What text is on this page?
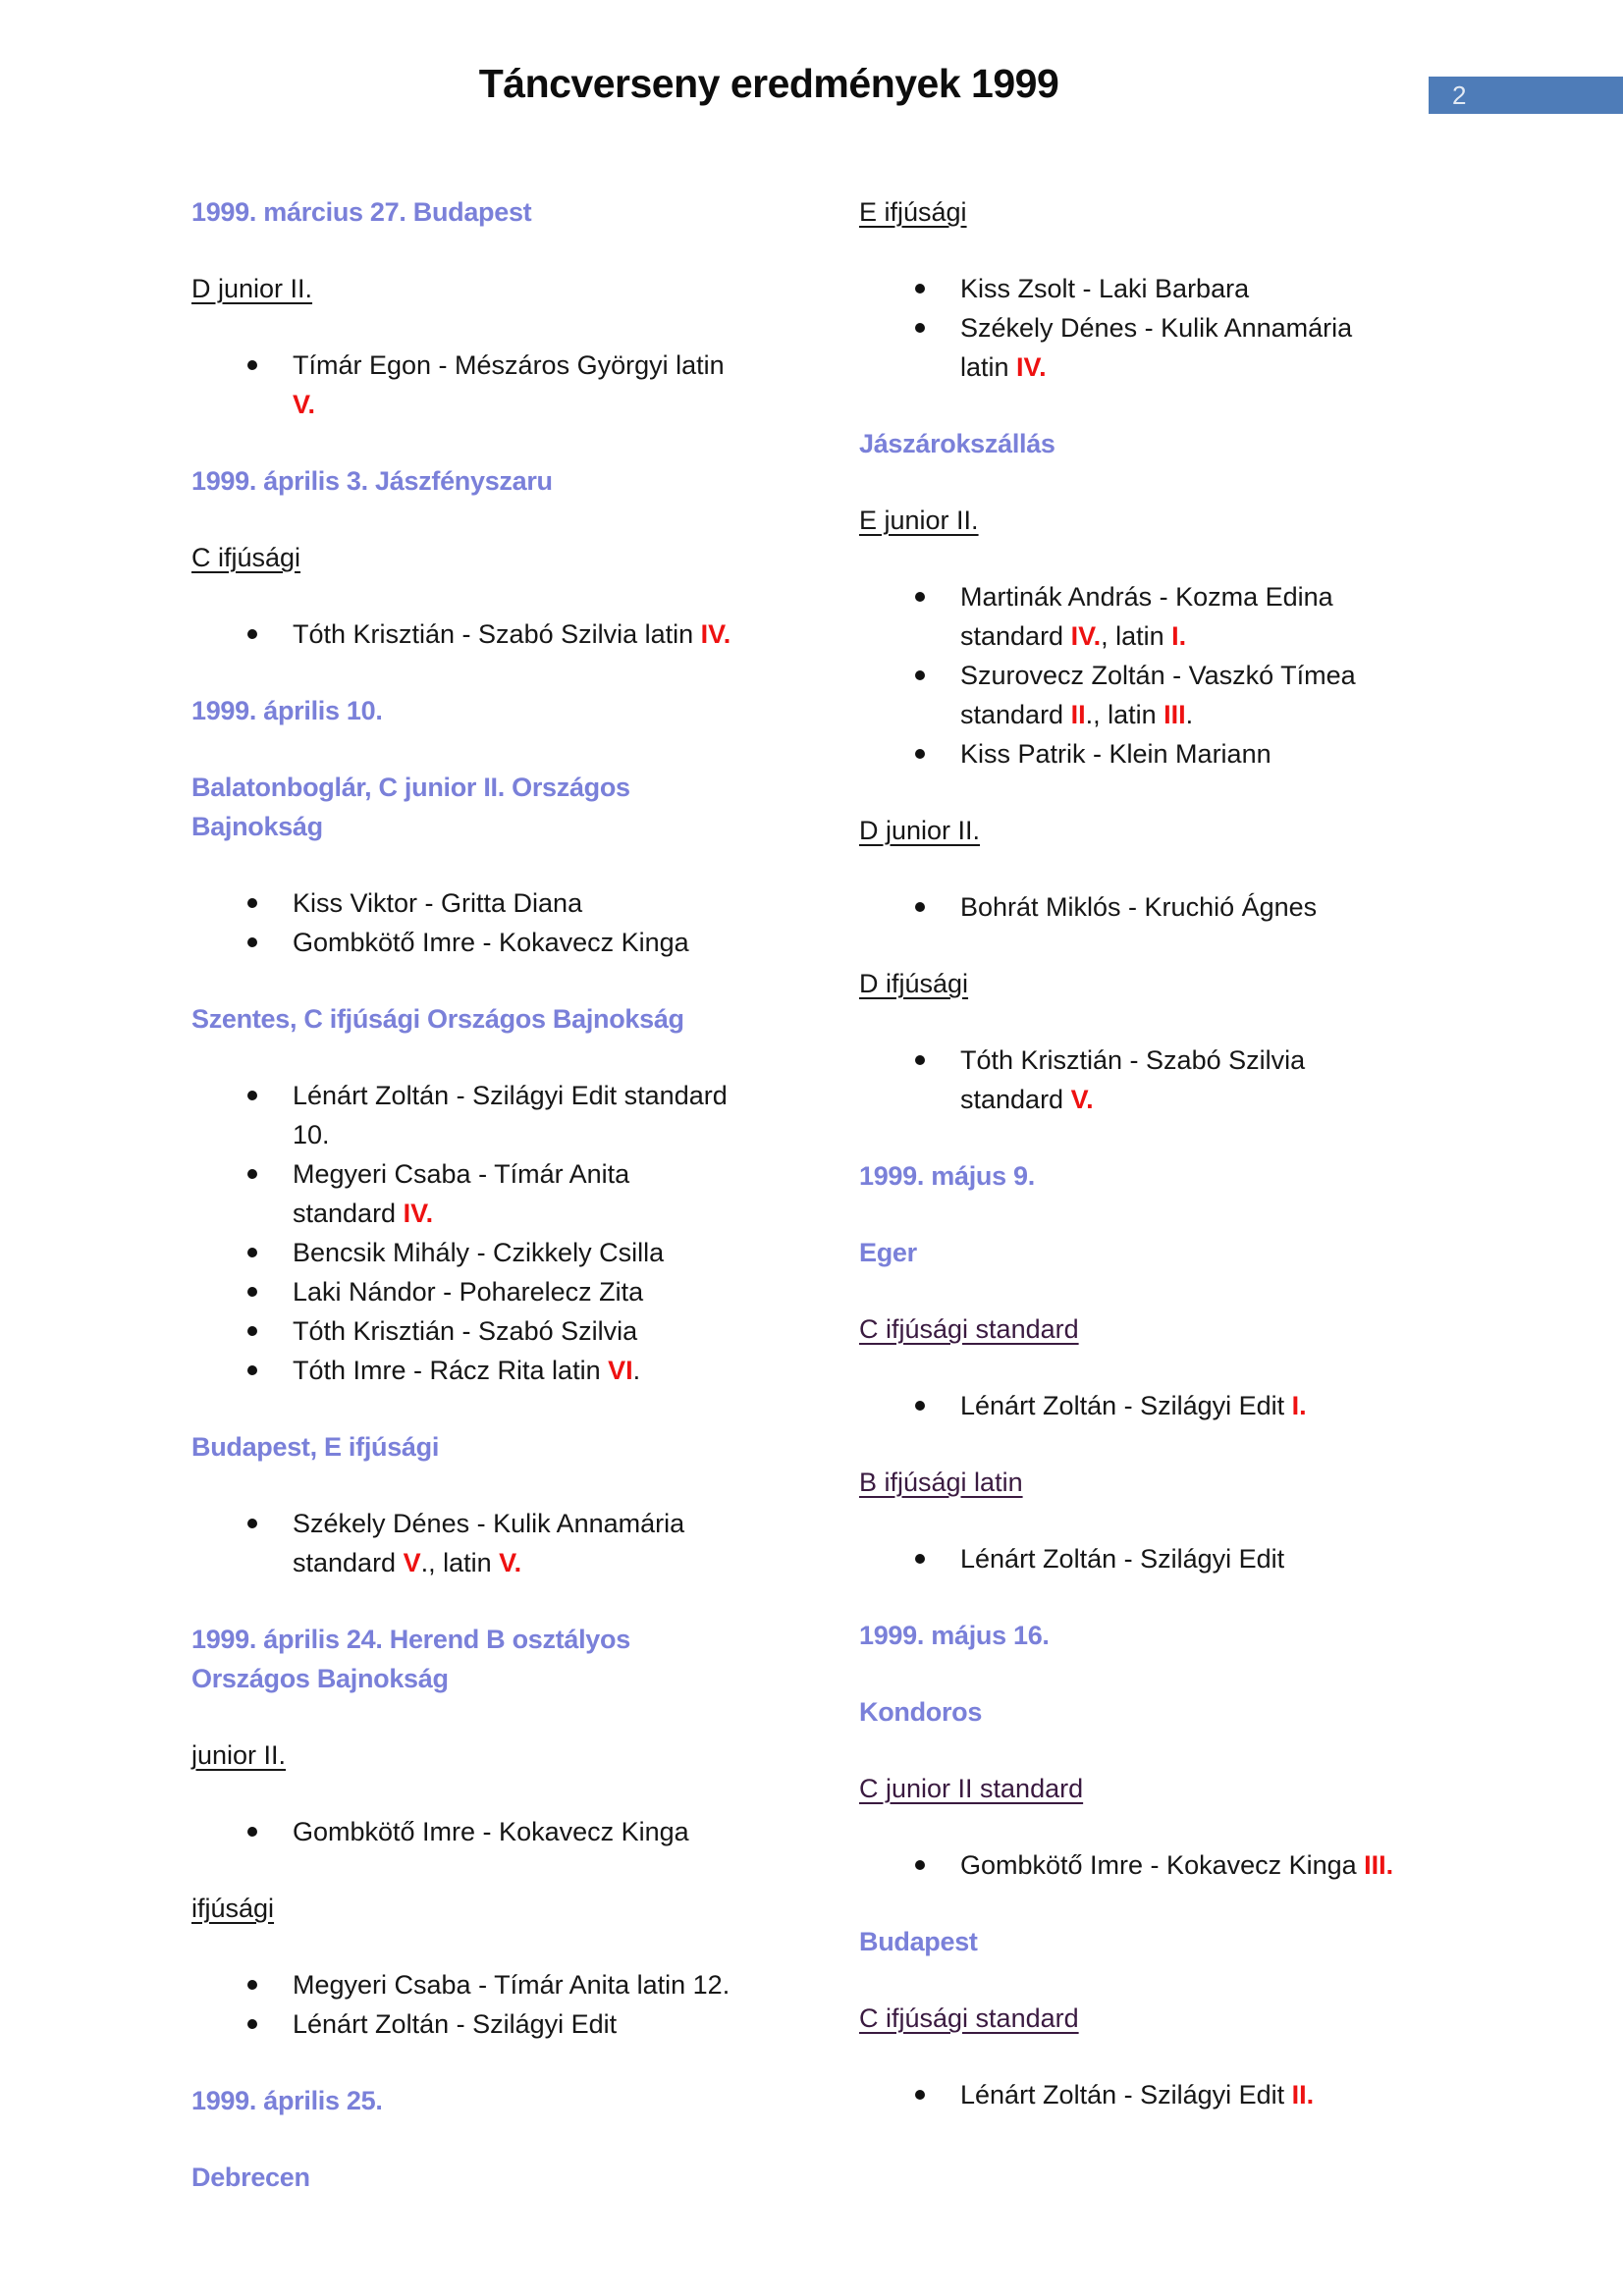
Táncverseny eredmények 1999	2
1999. március 27. Budapest
D junior II.
Tímár Egon - Mészáros Györgyi latin V.
1999. április 3. Jászfényszaru
C ifjúsági
Tóth Krisztián - Szabó Szilvia latin IV.
1999. április 10.
Balatonboglár, C junior II. Országos
Bajnokság
Kiss Viktor - Gritta Diana
Gombkötő Imre - Kokavecz Kinga
Szentes, C ifjúsági Országos Bajnokság
Lénárt Zoltán - Szilágyi Edit standard
10.
Megyeri Csaba - Tímár Anita
standard IV.
Bencsik Mihály - Czikkely Csilla
Laki Nándor - Poharelecz Zita
Tóth Krisztián - Szabó Szilvia
Tóth Imre - Rácz Rita latin VI.
Budapest, E ifjúsági
Székely Dénes - Kulik Annamária
standard V., latin V.
1999. április 24. Herend B osztályos
Országos Bajnokság
junior II.
Gombkötő Imre - Kokavecz Kinga
ifjúsági
Megyeri Csaba - Tímár Anita latin 12.
Lénárt Zoltán - Szilágyi Edit
1999. április 25.
Debrecen
E ifjúsági
Kiss Zsolt - Laki Barbara
Székely Dénes - Kulik Annamária
latin IV.
Jászárokszállás
E junior II.
Martinák András - Kozma Edina
standard IV., latin I.
Szurovecz Zoltán - Vaszkó Tímea
standard II., latin III.
Kiss Patrik - Klein Mariann
D junior II.
Bohrát Miklós - Kruchió Ágnes
D ifjúsági
Tóth Krisztián - Szabó Szilvia
standard V.
1999. május 9.
Eger
C ifjúsági standard
Lénárt Zoltán - Szilágyi Edit I.
B ifjúsági latin
Lénárt Zoltán - Szilágyi Edit
1999. május 16.
Kondoros
C junior II standard
Gombkötő Imre - Kokavecz Kinga III.
Budapest
C ifjúsági standard
Lénárt Zoltán - Szilágyi Edit II.
